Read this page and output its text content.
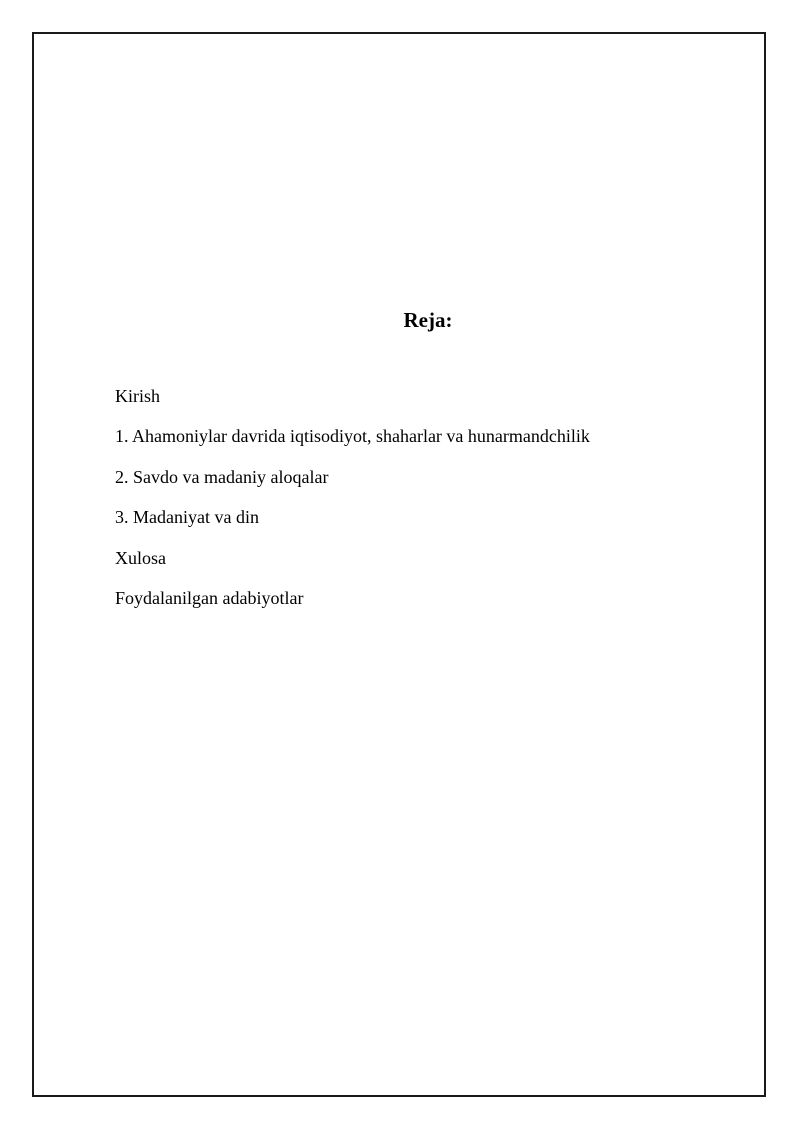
Reja:
Kirish
1. Ahamoniylar davrida iqtisodiyot, shaharlar va hunarmandchilik
2. Savdo va madaniy aloqalar
3. Madaniyat va din
Xulosa
Foydalanilgan adabiyotlar
